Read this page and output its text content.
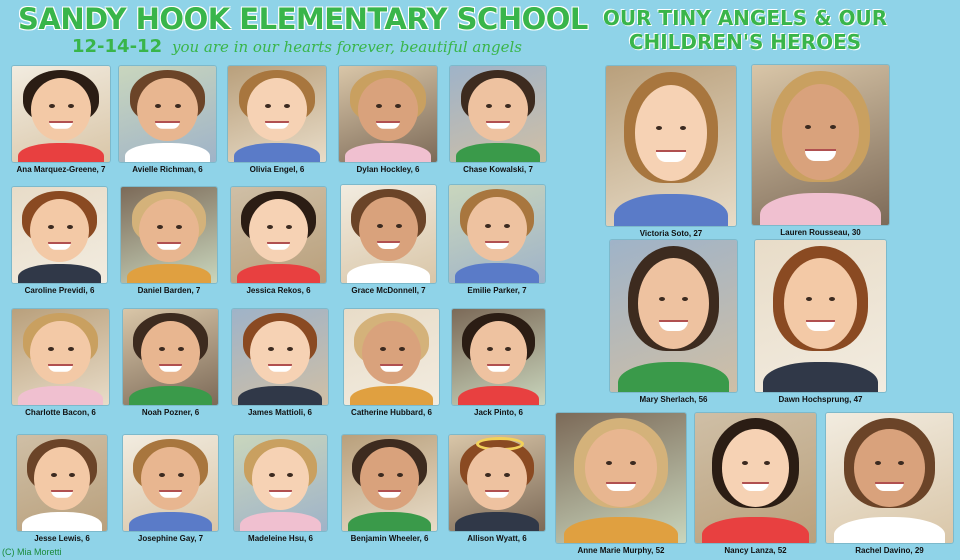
SANDY HOOK ELEMENTARY SCHOOL
12-14-12 you are in our hearts forever, beautiful angels
OUR TINY ANGELS & OUR CHILDREN'S HEROES
Ana Marquez-Greene, 7	Avielle Richman, 6	Olivia Engel, 6	Dylan Hockley, 6	Chase Kowalski, 7
Caroline Previdi, 6	Daniel Barden, 7	Jessica Rekos, 6	Grace McDonnell, 7	Emilie Parker, 7
Charlotte Bacon, 6	Noah Pozner, 6	James Mattioli, 6	Catherine Hubbard, 6	Jack Pinto, 6
Jesse Lewis, 6	Josephine Gay, 7	Madeleine Hsu, 6	Benjamin Wheeler, 6	Allison Wyatt, 6
Victoria Soto, 27	Lauren Rousseau, 30
Mary Sherlach, 56	Dawn Hochsprung, 47
Anne Marie Murphy, 52	Nancy Lanza, 52	Rachel Davino, 29
(C) Mia Moretti
